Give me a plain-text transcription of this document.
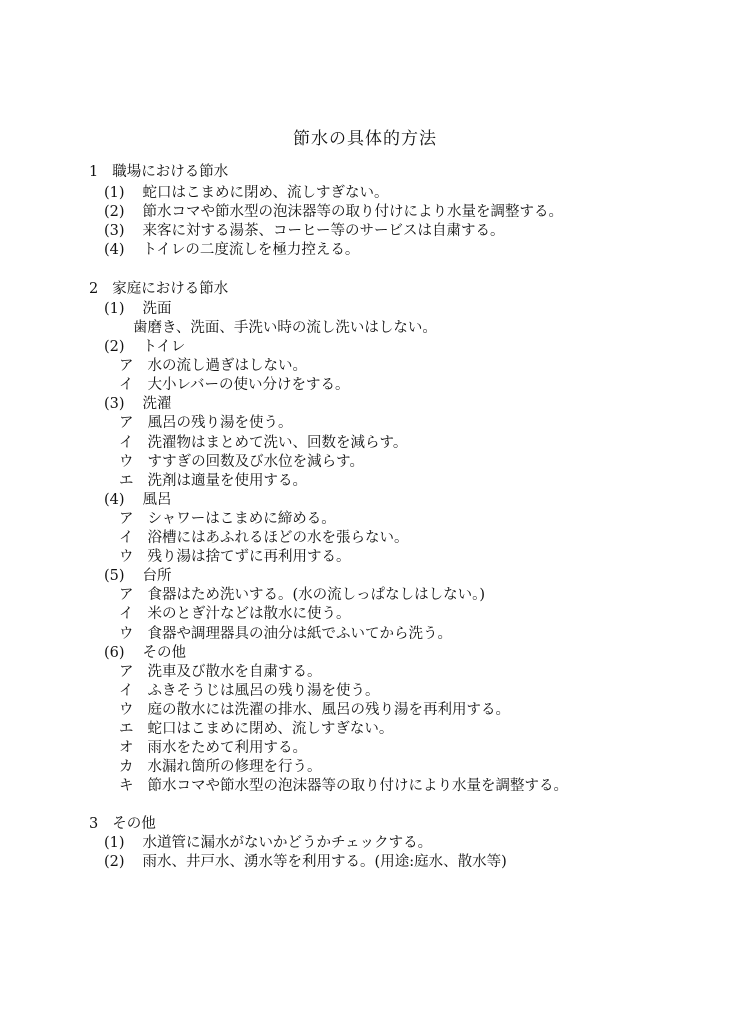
節水の具体的方法
1 職場における節水
(1) 蛇口はこまめに閉め、流しすぎない。
(2) 節水コマや節水型の泡沫器等の取り付けにより水量を調整する。
(3) 来客に対する湯茶、コーヒー等のサービスは自粛する。
(4) トイレの二度流しを極力控える。
2 家庭における節水
(1) 洗面
歯磨き、洗面、手洗い時の流し洗いはしない。
(2) トイレ
ア 水の流し過ぎはしない。
イ 大小レバーの使い分けをする。
(3) 洗濯
ア 風呂の残り湯を使う。
イ 洗濯物はまとめて洗い、回数を減らす。
ウ すすぎの回数及び水位を減らす。
エ 洗剤は適量を使用する。
(4) 風呂
ア シャワーはこまめに締める。
イ 浴槽にはあふれるほどの水を張らない。
ウ 残り湯は捨てずに再利用する。
(5) 台所
ア 食器はため洗いする。(水の流しっぱなしはしない。)
イ 米のとぎ汁などは散水に使う。
ウ 食器や調理器具の油分は紙でふいてから洗う。
(6) その他
ア 洗車及び散水を自粛する。
イ ふきそうじは風呂の残り湯を使う。
ウ 庭の散水には洗濯の排水、風呂の残り湯を再利用する。
エ 蛇口はこまめに閉め、流しすぎない。
オ 雨水をためて利用する。
カ 水漏れ箇所の修理を行う。
キ 節水コマや節水型の泡沫器等の取り付けにより水量を調整する。
3 その他
(1) 水道管に漏水がないかどうかチェックする。
(2) 雨水、井戸水、湧水等を利用する。(用途:庭水、散水等)
